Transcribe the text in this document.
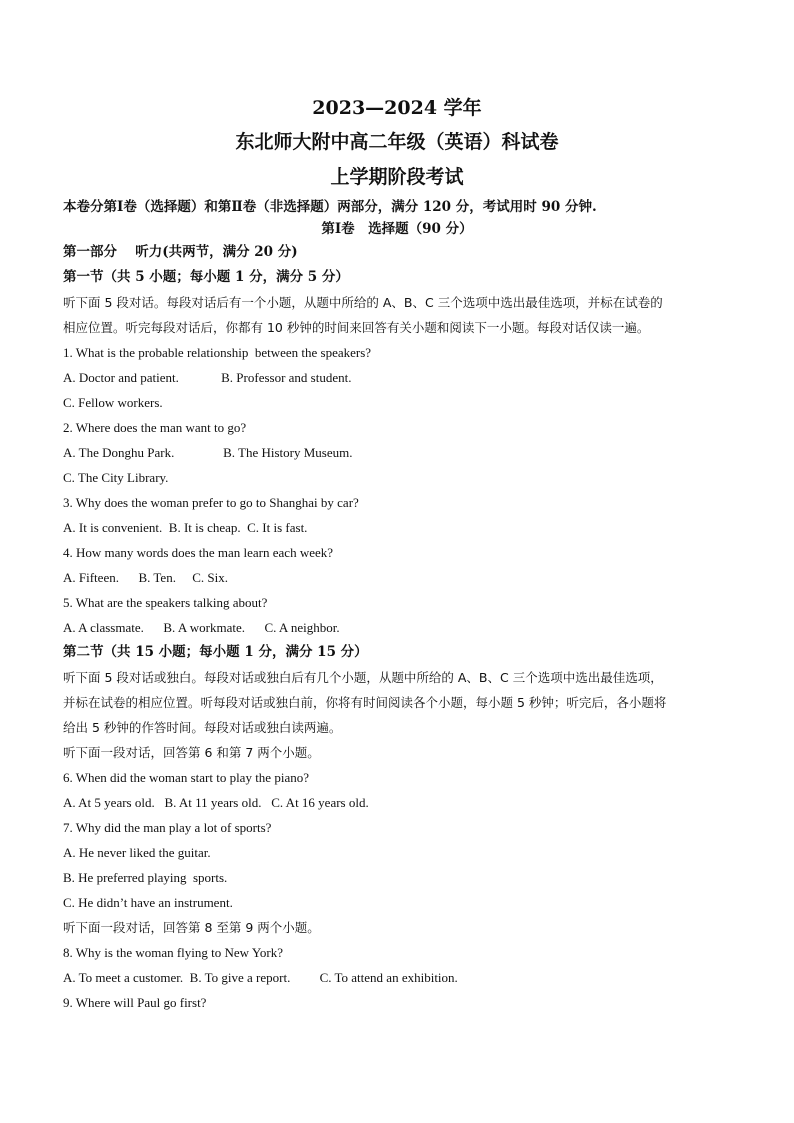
2023—2024 学年
东北师大附中高二年级（英语）科试卷
上学期阶段考试
本卷分第Ⅰ卷（选择题）和第Ⅱ卷（非选择题）两部分，满分 120 分，考试用时 90 分钟.
第Ⅰ卷　选择题（90 分）
第一部分　 听力(共两节，满分 20 分)
第一节（共 5 小题；每小题 1 分，满分 5 分）
听下面 5 段对话。每段对话后有一个小题，从题中所给的 A、B、C 三个选项中选出最佳选项，并标在试卷的
相应位置。听完每段对话后，你都有 10 秒钟的时间来回答有关小题和阅读下一小题。每段对话仅读一遍。
1. What is the probable relationship  between the speakers?
A. Doctor and patient.             B. Professor and student.
C. Fellow workers.
2. Where does the man want to go?
A. The Donghu Park.               B. The History Museum.
C. The City Library.
3. Why does the woman prefer to go to Shanghai by car?
A. It is convenient.  B. It is cheap.  C. It is fast.
4. How many words does the man learn each week?
A. Fifteen.      B. Ten.     C. Six.
5. What are the speakers talking about?
A. A classmate.      B. A workmate.      C. A neighbor.
第二节（共 15 小题；每小题 1 分，满分 15 分）
听下面 5 段对话或独白。每段对话或独白后有几个小题，从题中所给的 A、B、C 三个选项中选出最佳选项，
并标在试卷的相应位置。听每段对话或独白前，你将有时间阅读各个小题，每小题 5 秒钟；听完后，各小题将
给出 5 秒钟的作答时间。每段对话或独白读两遍。
听下面一段对话，回答第 6 和第 7 两个小题。
6. When did the woman start to play the piano?
A. At 5 years old.   B. At 11 years old.   C. At 16 years old.
7. Why did the man play a lot of sports?
A. He never liked the guitar.
B. He preferred playing  sports.
C. He didn’t have an instrument.
听下面一段对话，回答第 8 至第 9 两个小题。
8. Why is the woman flying to New York?
A. To meet a customer.  B. To give a report.         C. To attend an exhibition.
9. Where will Paul go first?
